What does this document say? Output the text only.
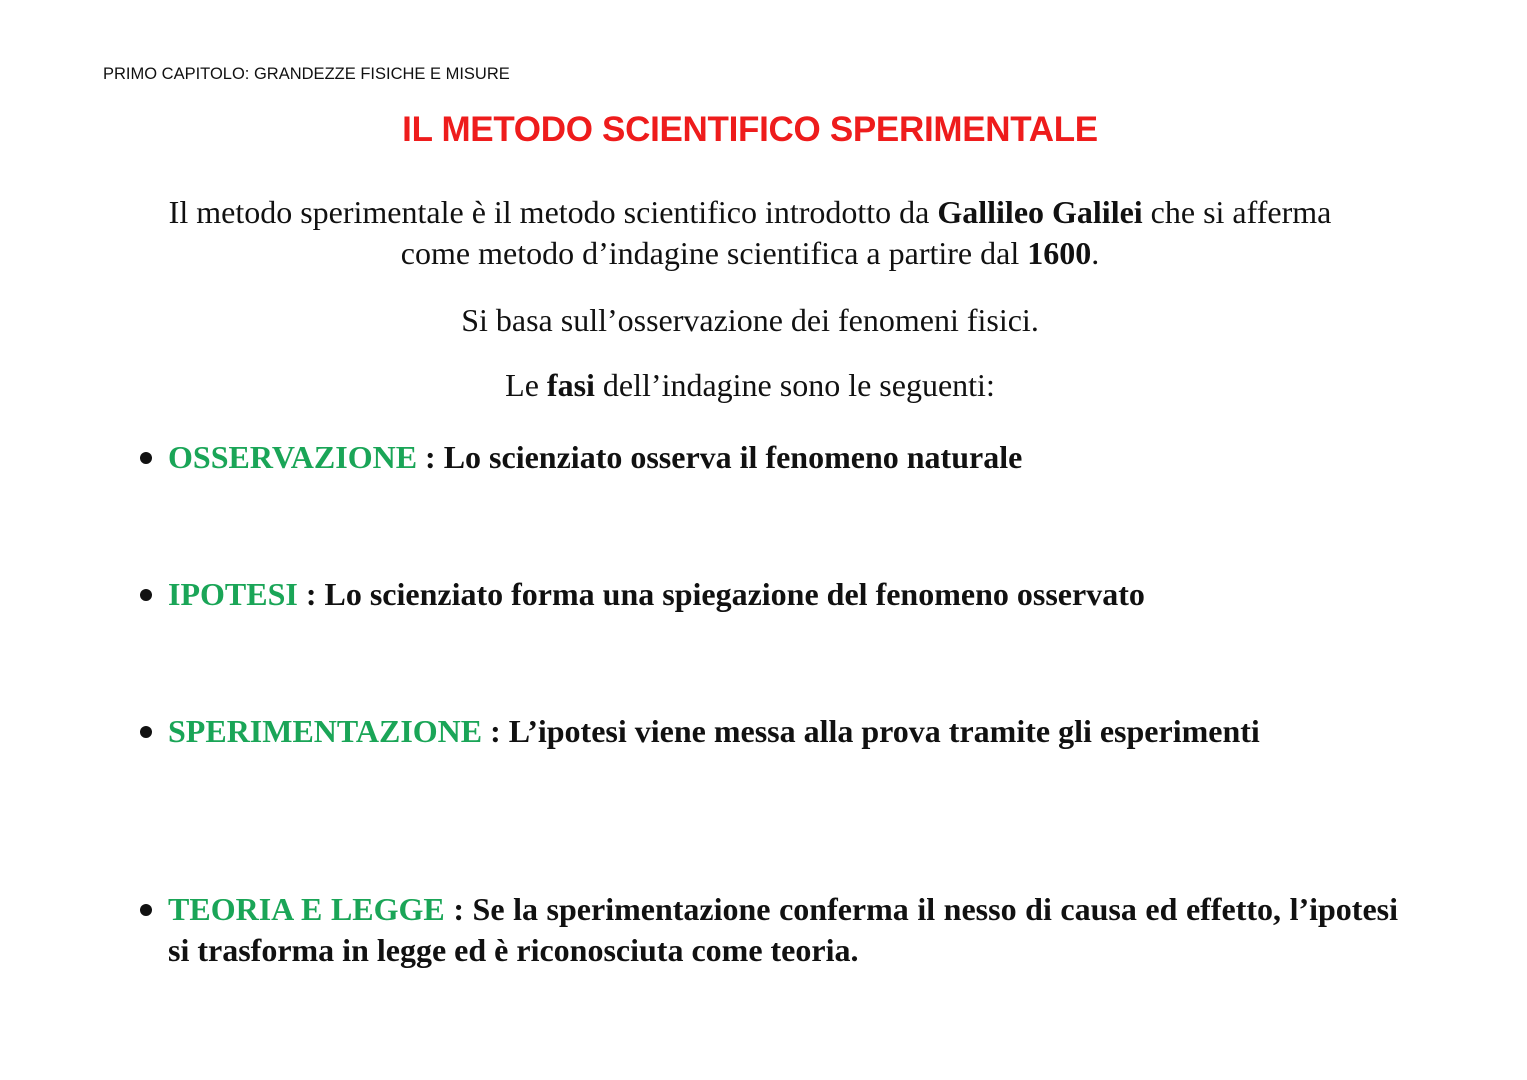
PRIMO CAPITOLO: GRANDEZZE FISICHE E MISURE
IL METODO SCIENTIFICO SPERIMENTALE
Il metodo sperimentale è il metodo scientifico introdotto da Gallileo Galilei che si afferma come metodo d’indagine scientifica a partire dal 1600.
Si basa sull’osservazione dei fenomeni fisici.
Le fasi dell’indagine sono le seguenti:
OSSERVAZIONE : Lo scienziato osserva il fenomeno naturale
IPOTESI : Lo scienziato forma una spiegazione del fenomeno osservato
SPERIMENTAZIONE : L’ipotesi viene messa alla prova tramite gli esperimenti
TEORIA E LEGGE : Se la sperimentazione conferma il nesso di causa ed effetto, l’ipotesi si trasforma in legge ed è riconosciuta come teoria.
